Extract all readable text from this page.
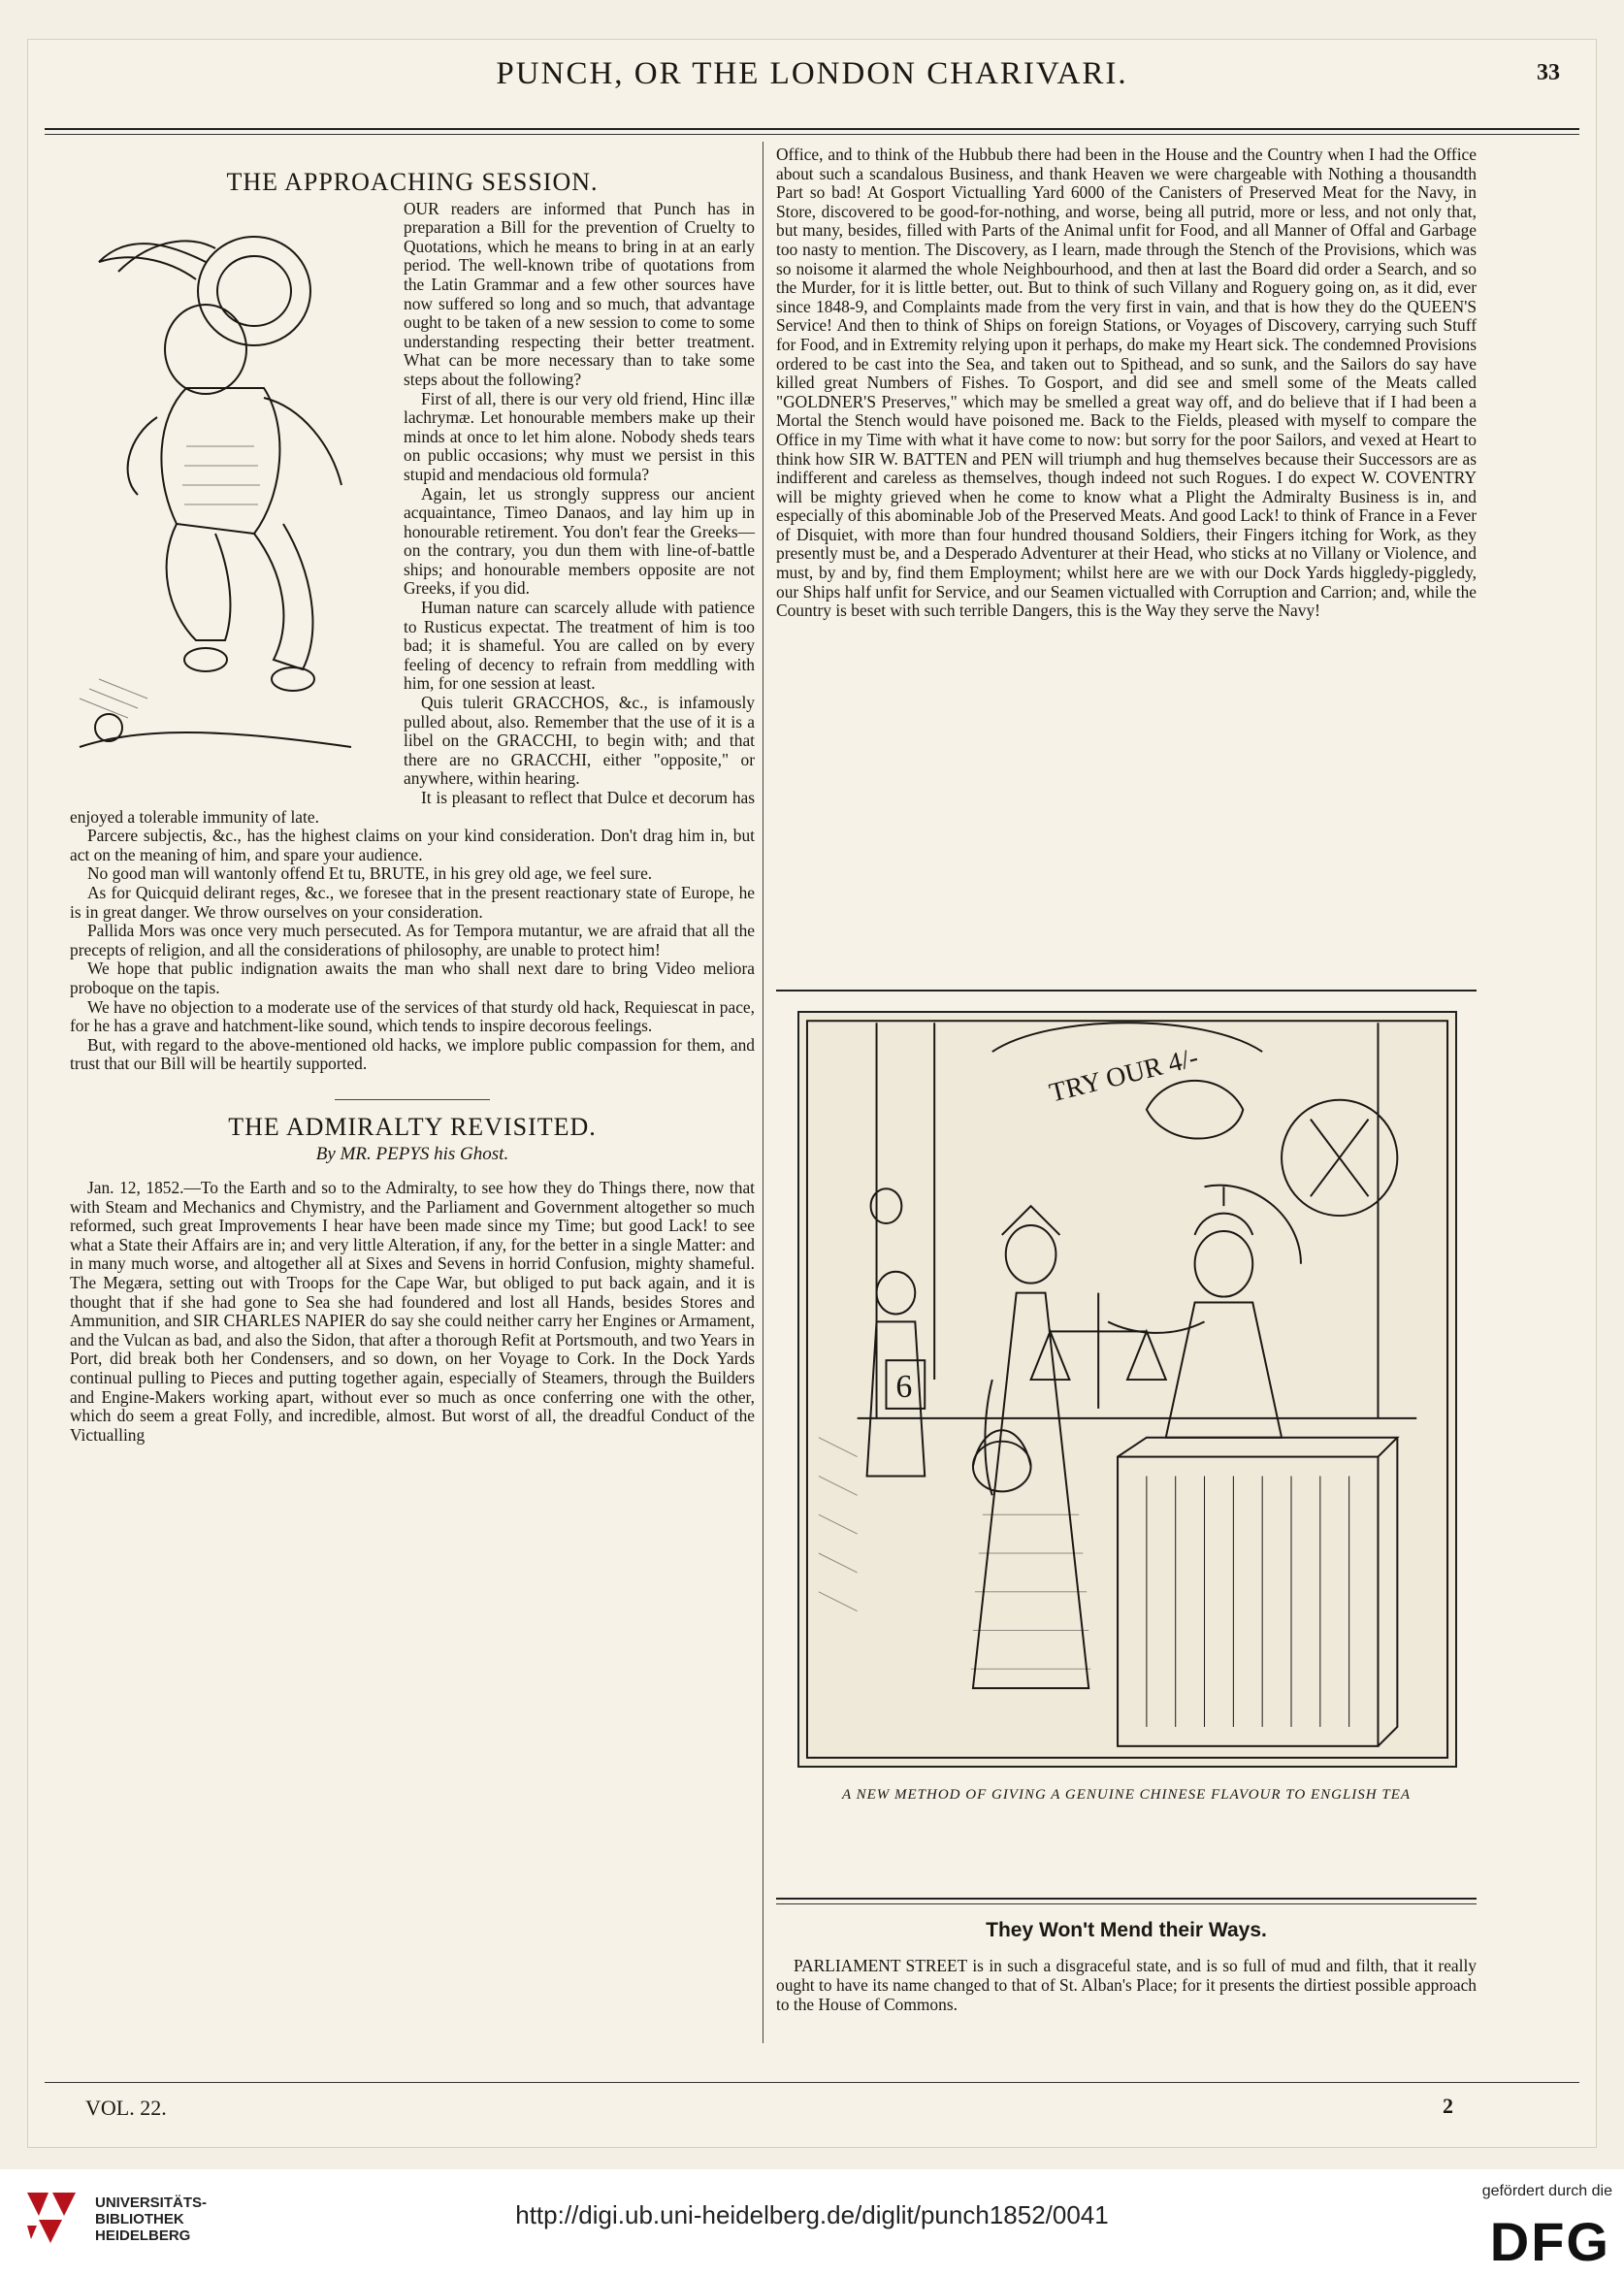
PUNCH, OR THE LONDON CHARIVARI.	33
THE APPROACHING SESSION.

OUR readers are informed that Punch has in preparation a Bill for the prevention of Cruelty to Quotations, which he means to bring in at an early period. The well-known tribe of quotations from the Latin Grammar and a few other sources have now suffered so long and so much, that advantage ought to be taken of a new session to come to some understanding respecting their better treatment. What can be more necessary than to take some steps about the following?

First of all, there is our very old friend, Hinc illæ lachrymæ. Let honourable members make up their minds at once to let him alone. Nobody sheds tears on public occasions; why must we persist in this stupid and mendacious old formula?

Again, let us strongly suppress our ancient acquaintance, Timeo Danaos, and lay him up in honourable retirement. You don't fear the Greeks—on the contrary, you dun them with line-of-battle ships; and honourable members opposite are not Greeks, if you did.

Human nature can scarcely allude with patience to Rusticus expectat. The treatment of him is too bad; it is shameful. You are called on by every feeling of decency to refrain from meddling with him, for one session at least.

Quis tulerit GRACCHOS, &c., is infamously pulled about, also. Remember that the use of it is a libel on the GRACCHI, to begin with; and that there are no GRACCHI, either "opposite," or anywhere, within hearing.

It is pleasant to reflect that Dulce et decorum has enjoyed a tolerable immunity of late.

Parcere subjectis, &c., has the highest claims on your kind consideration. Don't drag him in, but act on the meaning of him, and spare your audience.

No good man will wantonly offend Et tu, BRUTE, in his grey old age, we feel sure.

As for Quicquid delirant reges, &c., we foresee that in the present reactionary state of Europe, he is in great danger. We throw ourselves on your consideration.

Pallida Mors was once very much persecuted. As for Tempora mutantur, we are afraid that all the precepts of religion, and all the considerations of philosophy, are unable to protect him!

We hope that public indignation awaits the man who shall next dare to bring Video meliora proboque on the tapis.

We have no objection to a moderate use of the services of that sturdy old hack, Requiescat in pace, for he has a grave and hatchment-like sound, which tends to inspire decorous feelings.

But, with regard to the above-mentioned old hacks, we implore public compassion for them, and trust that our Bill will be heartily supported.

THE ADMIRALTY REVISITED.
By MR. PEPYS his Ghost.

Jan. 12, 1852.—To the Earth and so to the Admiralty, to see how they do Things there, now that with Steam and Mechanics and Chymistry, and the Parliament and Government altogether so much reformed, such great Improvements I hear have been made since my Time; but good Lack! to see what a State their Affairs are in; and very little Alteration, if any, for the better in a single Matter: and in many much worse, and altogether all at Sixes and Sevens in horrid Confusion, mighty shameful. The Megæra, setting out with Troops for the Cape War, but obliged to put back again, and it is thought that if she had gone to Sea she had foundered and lost all Hands, besides Stores and Ammunition, and SIR CHARLES NAPIER do say she could neither carry her Engines or Armament, and the Vulcan as bad, and also the Sidon, that after a thorough Refit at Portsmouth, and two Years in Port, did break both her Condensers, and so down, on her Voyage to Cork. In the Dock Yards continual pulling to Pieces and putting together again, especially of Steamers, through the Builders and Engine-Makers working apart, without ever so much as once conferring one with the other, which do seem a great Folly, and incredible, almost. But worst of all, the dreadful Conduct of the Victualling

Office, and to think of the Hubbub there had been in the House and the Country when I had the Office about such a scandalous Business, and thank Heaven we were chargeable with Nothing a thousandth Part so bad! At Gosport Victualling Yard 6000 of the Canisters of Preserved Meat for the Navy, in Store, discovered to be good-for-nothing, and worse, being all putrid, more or less, and not only that, but many, besides, filled with Parts of the Animal unfit for Food, and all Manner of Offal and Garbage too nasty to mention. The Discovery, as I learn, made through the Stench of the Provisions, which was so noisome it alarmed the whole Neighbourhood, and then at last the Board did order a Search, and so the Murder, for it is little better, out. But to think of such Villany and Roguery going on, as it did, ever since 1848-9, and Complaints made from the very first in vain, and that is how they do the QUEEN'S Service! And then to think of Ships on foreign Stations, or Voyages of Discovery, carrying such Stuff for Food, and in Extremity relying upon it perhaps, do make my Heart sick. The condemned Provisions ordered to be cast into the Sea, and taken out to Spithead, and so sunk, and the Sailors do say have killed great Numbers of Fishes. To Gosport, and did see and smell some of the Meats called "GOLDNER'S Preserves," which may be smelled a great way off, and do believe that if I had been a Mortal the Stench would have poisoned me. Back to the Fields, pleased with myself to compare the Office in my Time with what it have come to now: but sorry for the poor Sailors, and vexed at Heart to think how SIR W. BATTEN and PEN will triumph and hug themselves because their Successors are as indifferent and careless as themselves, though indeed not such Rogues. I do expect W. COVENTRY will be mighty grieved when he come to know what a Plight the Admiralty Business is in, and especially of this abominable Job of the Preserved Meats. And good Lack! to think of France in a Fever of Disquiet, with more than four hundred thousand Soldiers, their Fingers itching for Work, as they presently must be, and a Desperado Adventurer at their Head, who sticks at no Villany or Violence, and must, by and by, find them Employment; whilst here are we with our Dock Yards higgledy-piggledy, our Ships half unfit for Service, and our Seamen victualled with Corruption and Carrion; and, while the Country is beset with such terrible Dangers, this is the Way they serve the Navy!

TRY OUR 4/-
6
A NEW METHOD OF GIVING A GENUINE CHINESE FLAVOUR TO ENGLISH TEA
They Won't Mend their Ways.

PARLIAMENT STREET is in such a disgraceful state, and is so full of mud and filth, that it really ought to have its name changed to that of St. Alban's Place; for it presents the dirtiest possible approach to the House of Commons.

VOL. 22.	2
UNIVERSITÄTS-
BIBLIOTHEK
HEIDELBERG
http://digi.ub.uni-heidelberg.de/diglit/punch1852/0041
gefördert durch die
DFG
